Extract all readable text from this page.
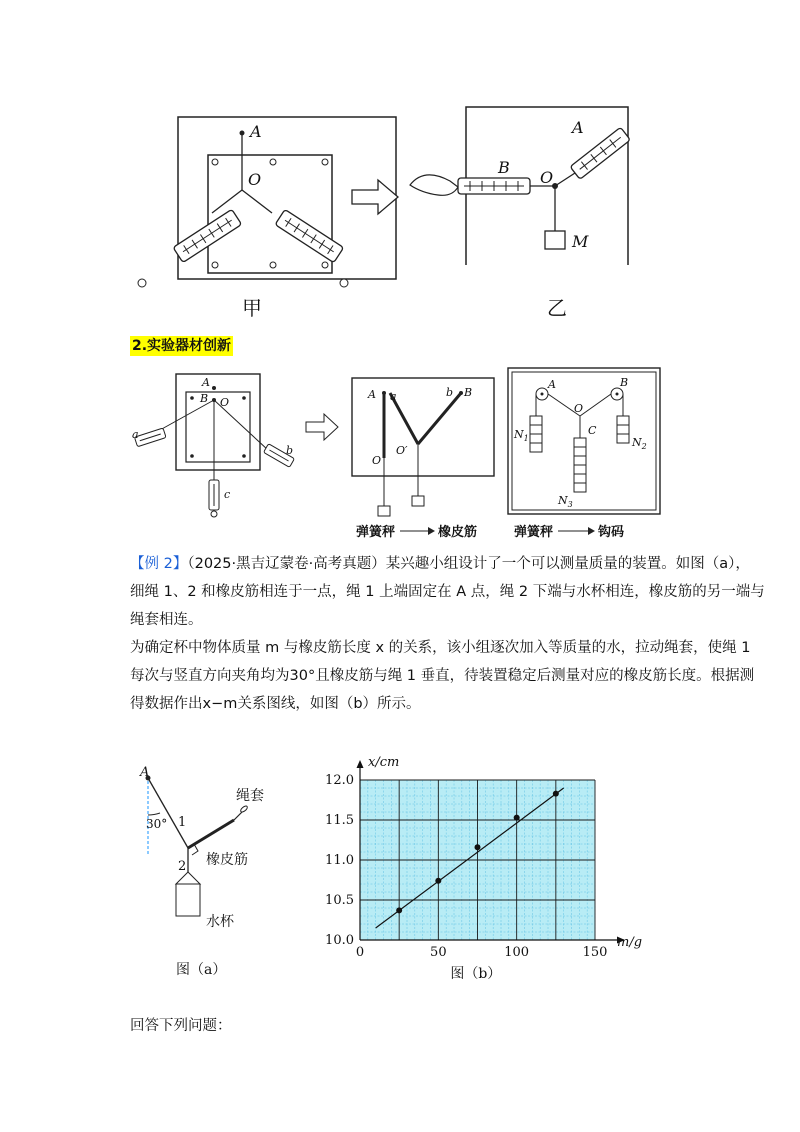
A
O
甲
B
A
O
M
乙
2.实验器材创新
A
B O
a
b
c
A a	b B
O
O′
弹簧秤	橡皮筋
A	B
O
C
$N_1$	$N_2$
$N_3$
弹簧秤	钩码
【例 2】（2025·黑吉辽蒙卷·高考真题）某兴趣小组设计了一个可以测量质量的装置。如图（a），
细绳 1、2 和橡皮筋相连于一点，绳 1 上端固定在 A 点，绳 2 下端与水杯相连，橡皮筋的另一端与
绳套相连。
为确定杯中物体质量 m 与橡皮筋长度 x 的关系，该小组逐次加入等质量的水，拉动绳套，使绳 1
每次与竖直方向夹角均为30°且橡皮筋与绳 1 垂直，待装置稳定后测量对应的橡皮筋长度。根据测
得数据作出x−m关系图线，如图（b）所示。
A
30° 1
2
绳套
橡皮筋
水杯
图（a）
0	50	100	150
10.0
10.5
11.0
11.5
12.0
x/cm
m/g
图（b）
回答下列问题：
